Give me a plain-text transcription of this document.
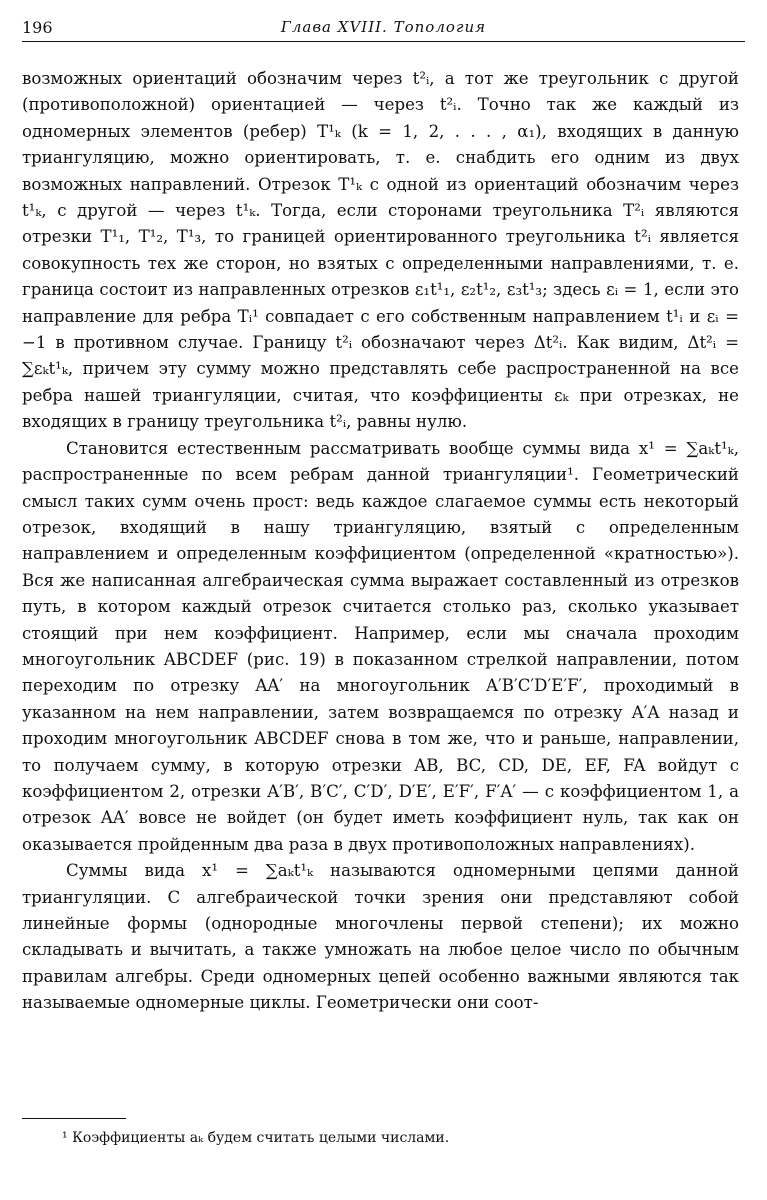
196	Глава XVIII. Топология

возможных ориентаций обозначим через t²ᵢ, а тот же треугольник с другой (противоположной) ориентацией — через t²ᵢ. Точно так же каждый из одномерных элементов (ребер) T¹ₖ (k = 1, 2, . . . , α₁), входящих в данную триангуляцию, можно ориентировать, т. е. снабдить его одним из двух возможных направлений. Отрезок T¹ₖ с одной из ориентаций обозначим через t¹ₖ, с другой — через t¹ₖ. Тогда, если сторонами треугольника T²ᵢ являются отрезки T¹₁, T¹₂, T¹₃, то границей ориентированного треугольника t²ᵢ является совокупность тех же сторон, но взятых с определенными направлениями, т. е. граница состоит из направленных отрезков ε₁t¹₁, ε₂t¹₂, ε₃t¹₃; здесь εᵢ = 1, если это направление для ребра Tᵢ¹ совпадает с его собственным направлением t¹ᵢ и εᵢ = −1 в противном случае. Границу t²ᵢ обозначают через Δt²ᵢ. Как видим, Δt²ᵢ = ∑εₖt¹ₖ, причем эту сумму можно представлять себе распространенной на все ребра нашей триангуляции, считая, что коэффициенты εₖ при отрезках, не входящих в границу треугольника t²ᵢ, равны нулю.

Становится естественным рассматривать вообще суммы вида x¹ = ∑aₖt¹ₖ, распространенные по всем ребрам данной триангуляции¹. Геометрический смысл таких сумм очень прост: ведь каждое слагаемое суммы есть некоторый отрезок, входящий в нашу триангуляцию, взятый с определенным направлением и определенным коэффициентом (определенной «кратностью»). Вся же написанная алгебраическая сумма выражает составленный из отрезков путь, в котором каждый отрезок считается столько раз, сколько указывает стоящий при нем коэффициент. Например, если мы сначала проходим многоугольник ABCDEF (рис. 19) в показанном стрелкой направлении, потом переходим по отрезку AA′ на многоугольник A′B′C′D′E′F′, проходимый в указанном на нем направлении, затем возвращаемся по отрезку A′A назад и проходим многоугольник ABCDEF снова в том же, что и раньше, направлении, то получаем сумму, в которую отрезки AB, BC, CD, DE, EF, FA войдут с коэффициентом 2, отрезки A′B′, B′C′, C′D′, D′E′, E′F′, F′A′ — с коэффициентом 1, а отрезок AA′ вовсе не войдет (он будет иметь коэффициент нуль, так как он оказывается пройденным два раза в двух противоположных направлениях).

Суммы вида x¹ = ∑aₖt¹ₖ называются одномерными цепями данной триангуляции. С алгебраической точки зрения они представляют собой линейные формы (однородные многочлены первой степени); их можно складывать и вычитать, а также умножать на любое целое число по обычным правилам алгебры. Среди одномерных цепей особенно важными являются так называемые одномерные циклы. Геометрически они соот-

¹ Коэффициенты aₖ будем считать целыми числами.
